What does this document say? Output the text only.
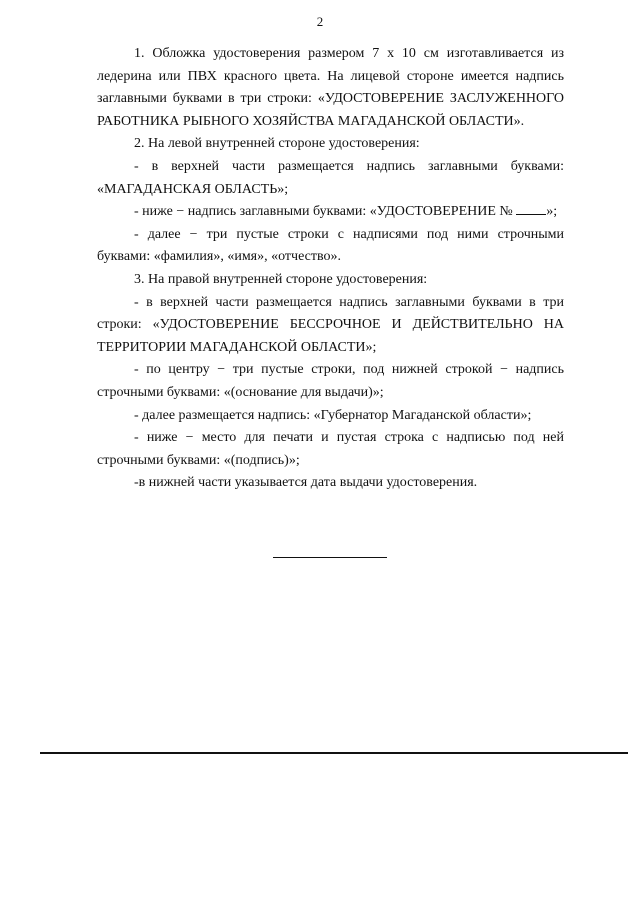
2

1. Обложка удостоверения размером 7 х 10 см изготавливается из ледерина или ПВХ красного цвета. На лицевой стороне имеется надпись заглавными буквами в три строки: «УДОСТОВЕРЕНИЕ ЗАСЛУЖЕННОГО РАБОТНИКА РЫБНОГО ХОЗЯЙСТВА МАГАДАНСКОЙ ОБЛАСТИ».

2. На левой внутренней стороне удостоверения:

- в верхней части размещается надпись заглавными буквами: «МАГАДАНСКАЯ ОБЛАСТЬ»;

- ниже − надпись заглавными буквами: «УДОСТОВЕРЕНИЕ № »;

- далее − три пустые строки с надписями под ними строчными буквами: «фамилия», «имя», «отчество».

3. На правой внутренней стороне удостоверения:

- в верхней части размещается надпись заглавными буквами в три строки: «УДОСТОВЕРЕНИЕ БЕССРОЧНОЕ И ДЕЙСТВИТЕЛЬНО НА ТЕРРИТОРИИ МАГАДАНСКОЙ ОБЛАСТИ»;

- по центру − три пустые строки, под нижней строкой − надпись строчными буквами: «(основание для выдачи)»;

- далее размещается надпись: «Губернатор Магаданской области»;

- ниже − место для печати и пустая строка с надписью под ней строчными буквами: «(подпись)»;

-в нижней части указывается дата выдачи удостоверения.
